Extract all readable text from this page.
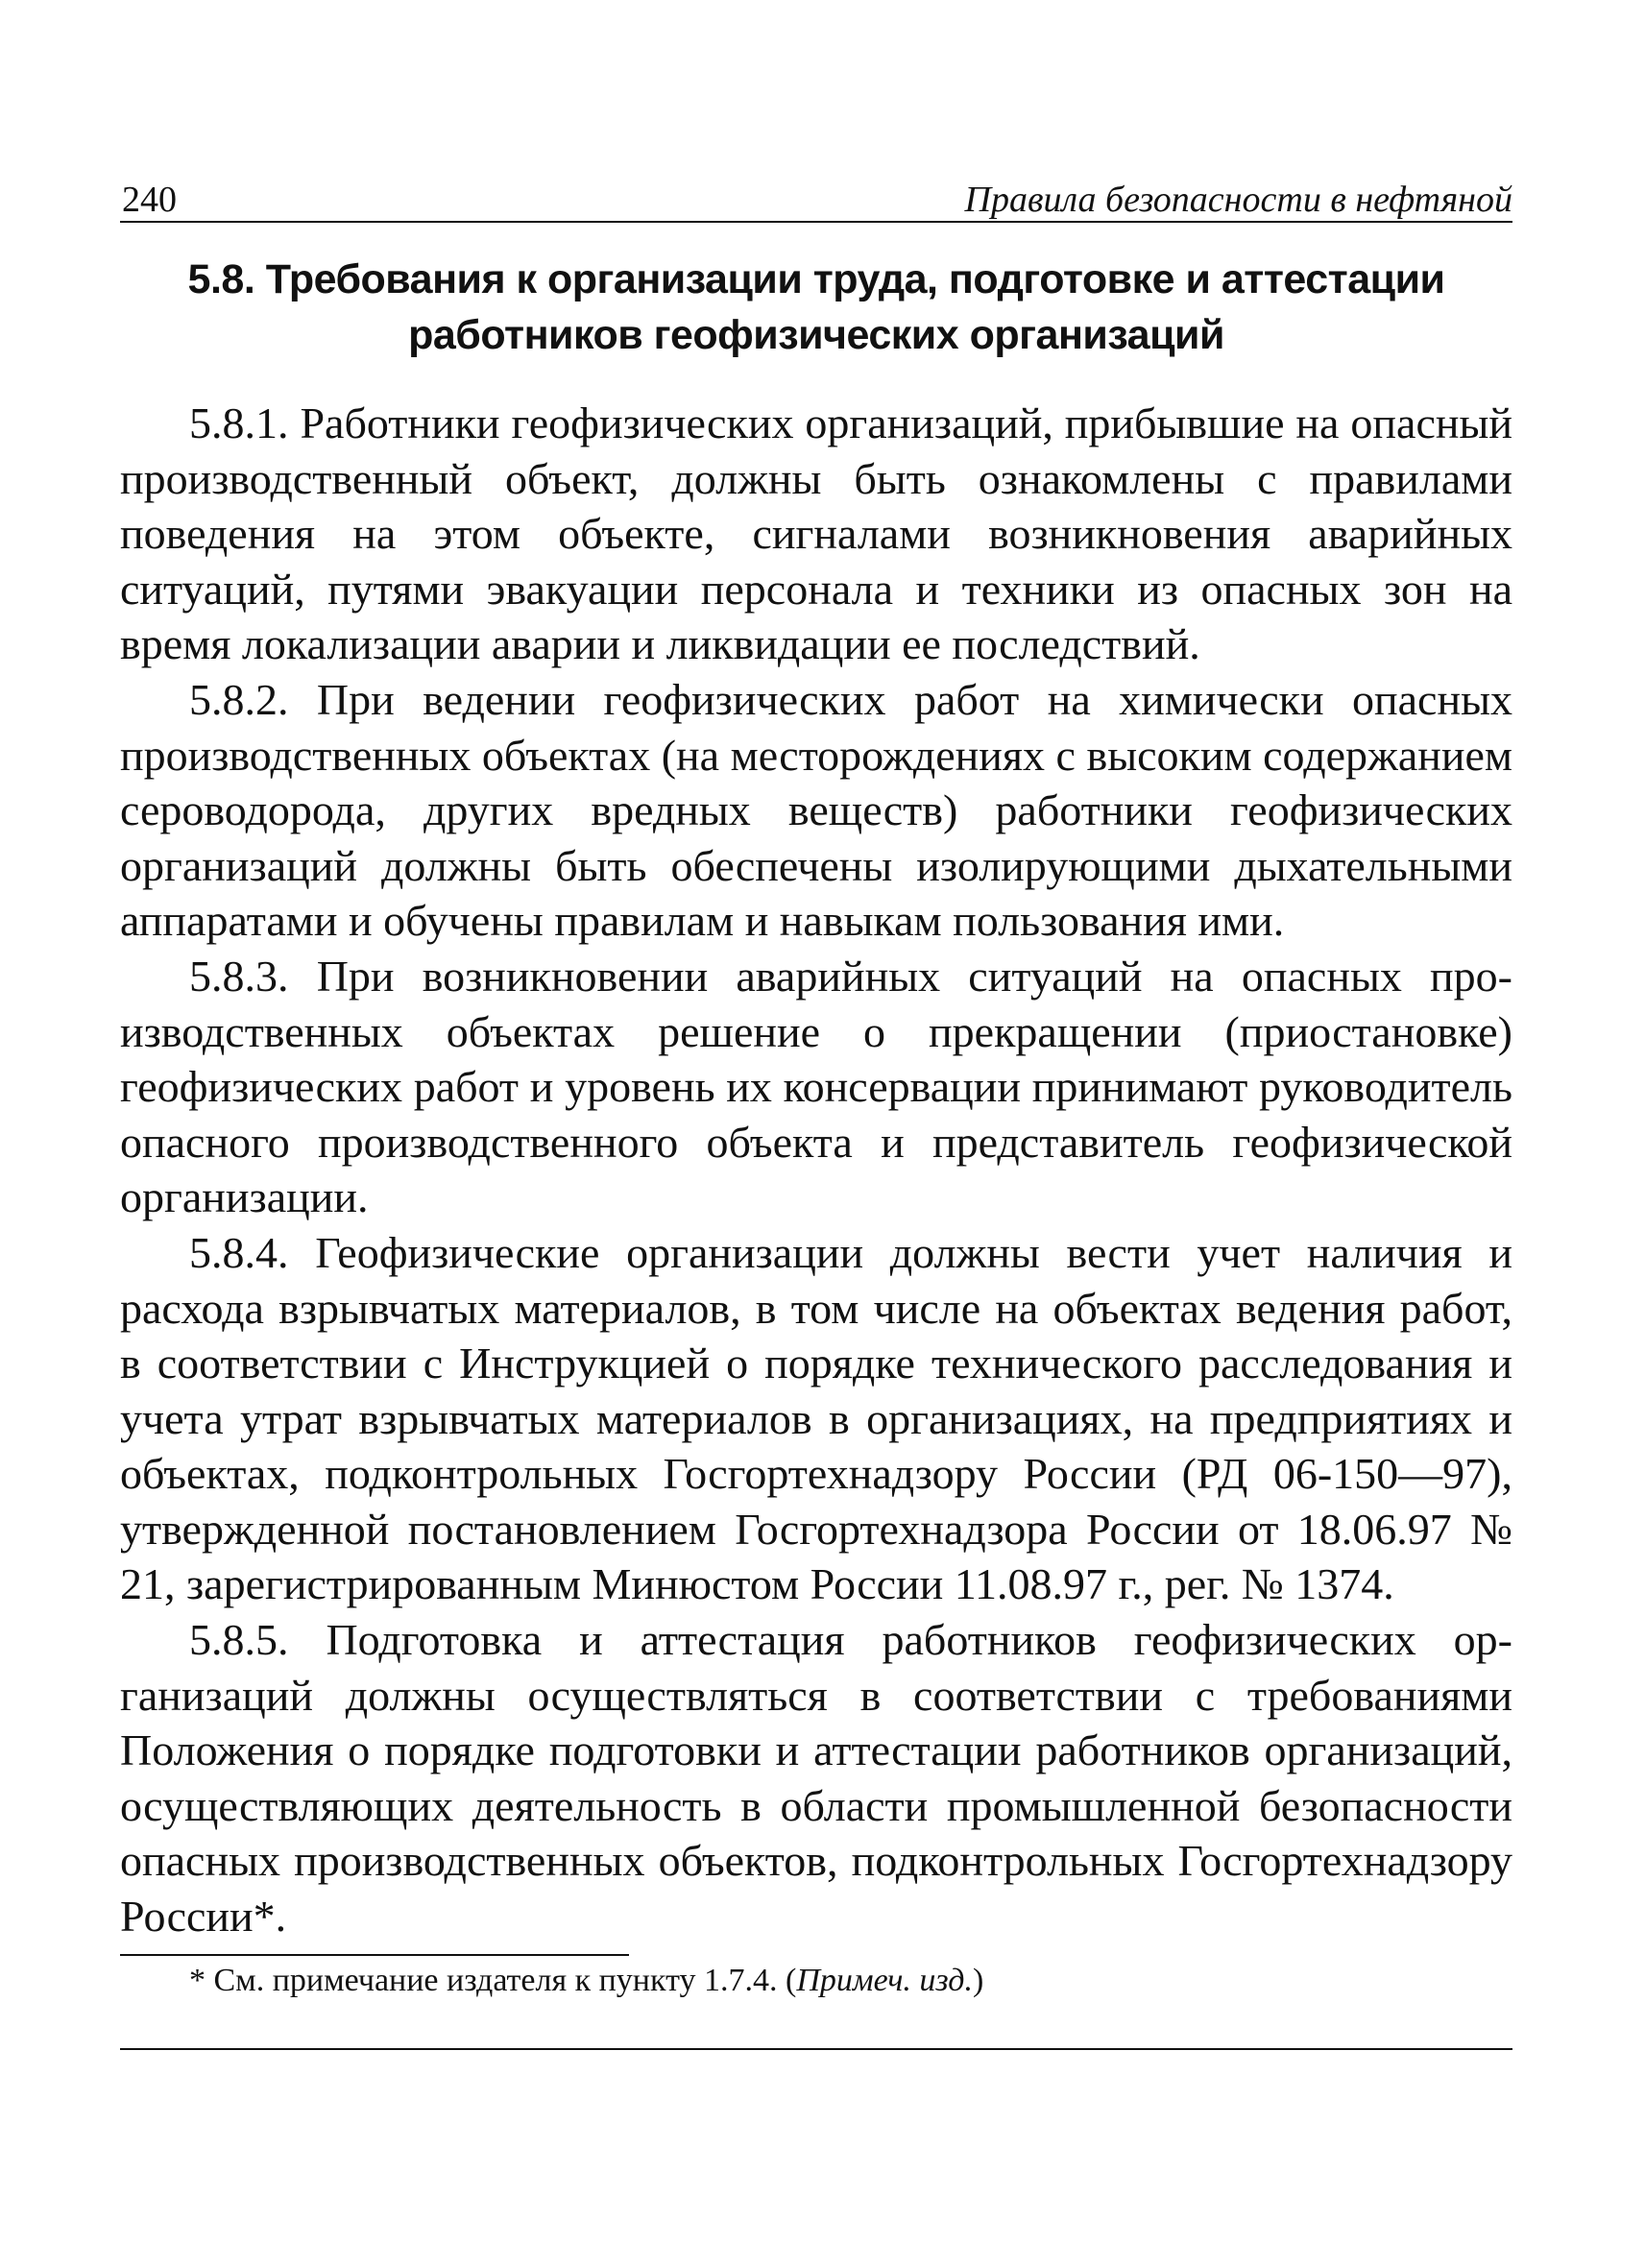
240	Правила безопасности в нефтяной
5.8. Требования к организации труда, подготовке и аттестации
работников геофизических организаций

5.8.1. Работники геофизических организаций, прибывшие на опасный производственный объект, должны быть ознакомлены с правилами поведения на этом объекте, сигналами возникновения аварийных ситуаций, путями эвакуации персонала и техники из опасных зон на время локализации аварии и ликвидации ее последствий.

5.8.2. При ведении геофизических работ на химически опасных производственных объектах (на месторождениях с высоким содержанием сероводорода, других вредных веществ) работники геофизических организаций должны быть обеспечены изолирующими дыхательными аппаратами и обучены правилам и навыкам пользования ими.

5.8.3. При возникновении аварийных ситуаций на опасных производственных объектах решение о прекращении (приостановке) геофизических работ и уровень их консервации принимают руководитель опасного производственного объекта и представитель геофизической организации.

5.8.4. Геофизические организации должны вести учет наличия и расхода взрывчатых материалов, в том числе на объектах ведения работ, в соответствии с Инструкцией о порядке технического расследования и учета утрат взрывчатых материалов в организациях, на предприятиях и объектах, подконтрольных Госгортехнадзору России (РД 06-150—97), утвержденной постановлением Госгортехнадзора России от 18.06.97 № 21, зарегистрированным Минюстом России 11.08.97 г., рег. № 1374.

5.8.5. Подготовка и аттестация работников геофизических организаций должны осуществляться в соответствии с требованиями Положения о порядке подготовки и аттестации работников организаций, осуществляющих деятельность в области промышленной безопасности опасных производственных объектов, подконтрольных Госгортехнадзору России*.

* См. примечание издателя к пункту 1.7.4. (Примеч. изд.)
